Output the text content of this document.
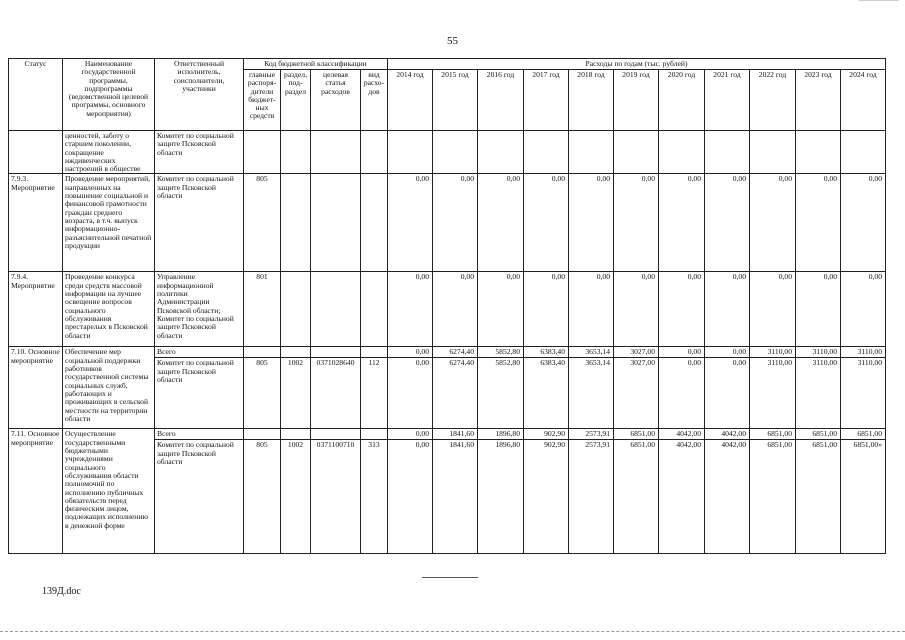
55
Статус	Наименование государственной программы, подпрограммы (ведомственной целевой программы, основного мероприятия)	Ответственный исполнитель, соисполнители, участники	Код бюджетной классификации				Расходы по годам (тыс. рублей)										
			главные распоря-дители бюджет-ных средств	раздел, под-раздел	целевая статья расходов	вид расхо-дов	2014 год	2015 год	2016 год	2017 год	2018 год	2019 год	2020 год	2021 год	2022 год	2023 год	2024 год
	ценностей, заботу о старшем поколении, сокращение иждивенческих настроений в обществе	Комитет по социальной защите Псковской области															
7.9.3. Мероприятие	Проведение мероприятий, направленных на повышение социальной и финансовой грамотности граждан среднего возраста, в т.ч. выпуск информационно-разъяснительной печатной продукции	Комитет по социальной защите Псковской области	805				0,00	0,00	0,00	0,00	0,00	0,00	0,00	0,00	0,00	0,00	0,00
7.9.4. Мероприятие	Проведение конкурса среди средств массовой информации на лучшее освещение вопросов социального обслуживания престарелых в Псковской области	Управление информационной политики Администрации Псковской области; Комитет по социальной защите Псковской области	801				0,00	0,00	0,00	0,00	0,00	0,00	0,00	0,00	0,00	0,00	0,00
7.10. Основное мероприятие	Обеспечение мер социальной поддержки работников государственной системы социальных служб, работающих и проживающих в сельской местности на территории области	Всего					0,00	6274,40	5852,80	6383,40	3653,14	3027,00	0,00	0,00	3110,00	3110,00	3110,00
		Комитет по социальной защите Псковской области	805	1002	0371028640	112	0,00	6274,40	5852,80	6383,40	3653,14	3027,00	0,00	0,00	3110,00	3110,00	3110,00
7.11. Основное мероприятие	Осуществление государственными бюджетными учреждениями социального обслуживания области полномочий по исполнению публичных обязательств перед физическим лицом, подлежащих исполнению в денежной форме	Всего					0,00	1841,60	1896,80	902,90	2573,91	6851,00	4042,00	4042,00	6851,00	6851,00	6851,00
		Комитет по социальной защите Псковской области	805	1002	0371100710	313	0,00	1841,60	1896,80	902,90	2573,91	6851,00	4042,00	4042,00	6851,00	6851,00	6851,00»
139Д.doc
